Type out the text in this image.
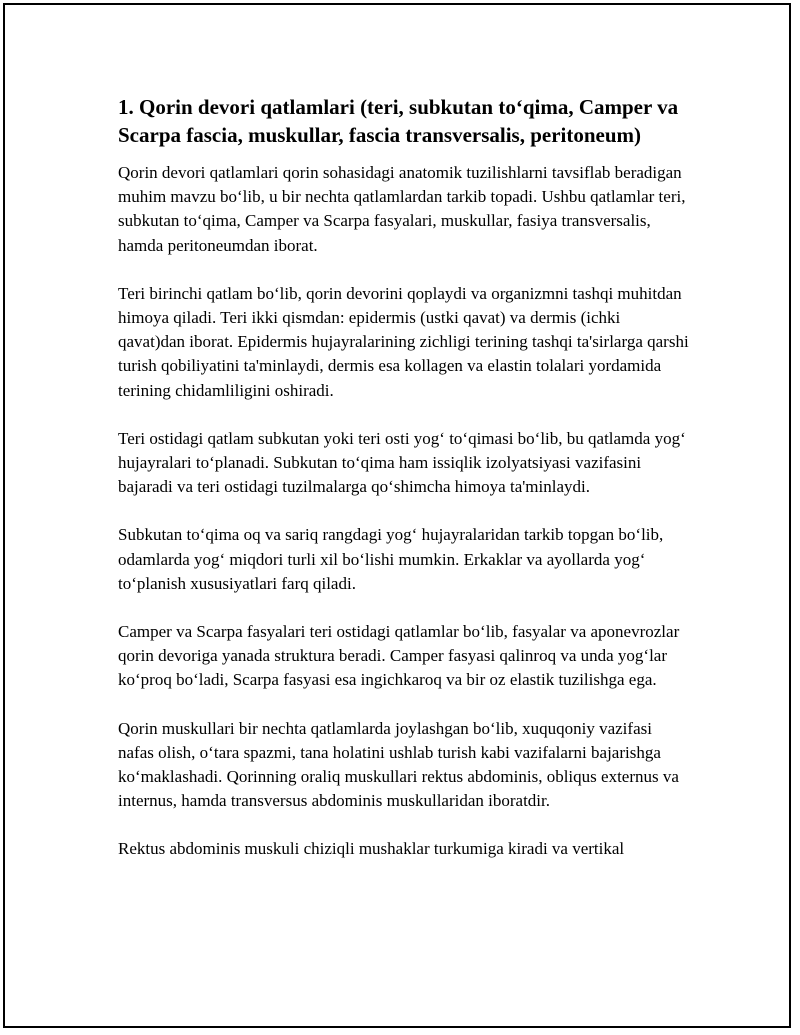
1. Qorin devori qatlamlari (teri, subkutan to‘qima, Camper va Scarpa fascia, muskullar, fascia transversalis, peritoneum)

Qorin devori qatlamlari qorin sohasidagi anatomik tuzilishlarni tavsiflab beradigan muhim mavzu bo‘lib, u bir nechta qatlamlardan tarkib topadi. Ushbu qatlamlar teri, subkutan to‘qima, Camper va Scarpa fasyalari, muskullar, fasiya transversalis, hamda peritoneumdan iborat.

Teri birinchi qatlam bo‘lib, qorin devorini qoplaydi va organizmni tashqi muhitdan himoya qiladi. Teri ikki qismdan: epidermis (ustki qavat) va dermis (ichki qavat)dan iborat. Epidermis hujayralarining zichligi terining tashqi ta'sirlarga qarshi turish qobiliyatini ta'minlaydi, dermis esa kollagen va elastin tolalari yordamida terining chidamliligini oshiradi.

Teri ostidagi qatlam subkutan yoki teri osti yog‘ to‘qimasi bo‘lib, bu qatlamda yog‘ hujayralari to‘planadi. Subkutan to‘qima ham issiqlik izolyatsiyasi vazifasini bajaradi va teri ostidagi tuzilmalarga qo‘shimcha himoya ta'minlaydi.

Subkutan to‘qima oq va sariq rangdagi yog‘ hujayralaridan tarkib topgan bo‘lib, odamlarda yog‘ miqdori turli xil bo‘lishi mumkin. Erkaklar va ayollarda yog‘ to‘planish xususiyatlari farq qiladi.

Camper va Scarpa fasyalari teri ostidagi qatlamlar bo‘lib, fasyalar va aponevrozlar qorin devoriga yanada struktura beradi. Camper fasyasi qalinroq va unda yog‘lar ko‘proq bo‘ladi, Scarpa fasyasi esa ingichkaroq va bir oz elastik tuzilishga ega.

Qorin muskullari bir nechta qatlamlarda joylashgan bo‘lib, xuquqoniy vazifasi nafas olish, o‘tara spazmi, tana holatini ushlab turish kabi vazifalarni bajarishga ko‘maklashadi. Qorinning oraliq muskullari rektus abdominis, obliqus externus va internus, hamda transversus abdominis muskullaridan iboratdir.

Rektus abdominis muskuli chiziqli mushaklar turkumiga kiradi va vertikal
